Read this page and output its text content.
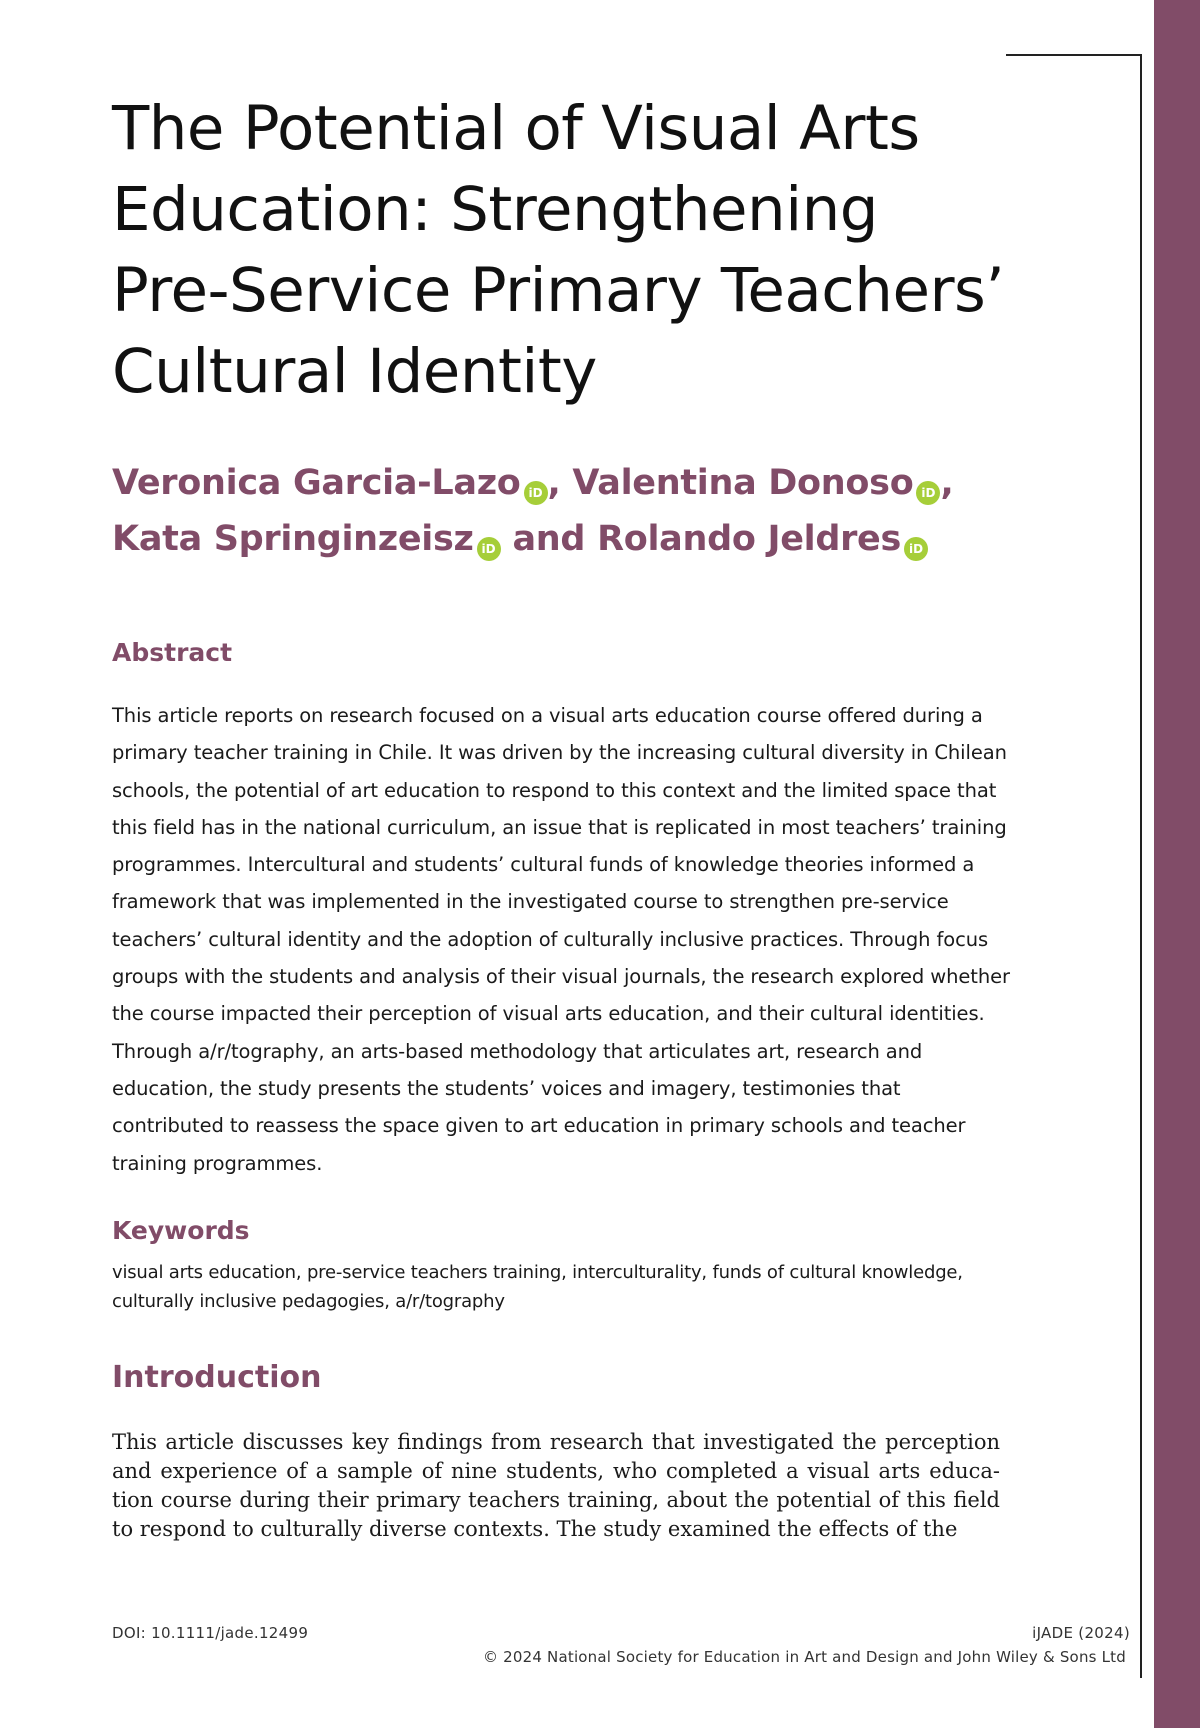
The Potential of Visual Arts Education: Strengthening Pre-Service Primary Teachers’ Cultural Identity
Veronica Garcia-Lazo iD , Valentina Donoso iD ,
Kata Springinzeisz iD and Rolando Jeldres iD
Abstract

This article reports on research focused on a visual arts education course offered during a primary teacher training in Chile. It was driven by the increasing cultural diversity in Chilean schools, the potential of art education to respond to this context and the limited space that this field has in the national curriculum, an issue that is replicated in most teachers’ training programmes. Intercultural and students’ cultural funds of knowledge theories informed a framework that was implemented in the investigated course to strengthen pre-service teachers’ cultural identity and the adoption of culturally inclusive practices. Through focus groups with the students and analysis of their visual journals, the research explored whether the course impacted their perception of visual arts education, and their cultural identities. Through a/r/tography, an arts-based methodology that articulates art, research and education, the study presents the students’ voices and imagery, testimonies that contributed to reassess the space given to art education in primary schools and teacher training programmes.

Keywords

visual arts education, pre-service teachers training, interculturality, funds of cultural knowledge, culturally inclusive pedagogies, a/r/tography

Introduction

This article discusses key findings from research that investigated the perception and experience of a sample of nine students, who completed a visual arts education course during their primary teachers training, about the potential of this field to respond to culturally diverse contexts. The study examined the effects of the

DOI: 10.1111/jade.12499	iJADE (2024)
© 2024 National Society for Education in Art and Design and John Wiley & Sons Ltd
